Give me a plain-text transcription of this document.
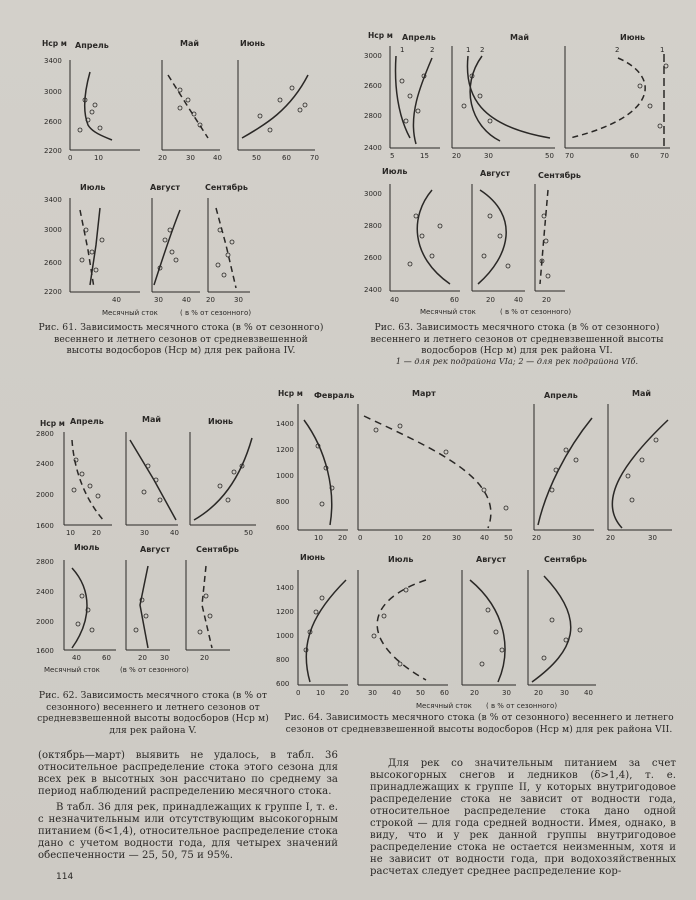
Hср м Апрель	Май	Июнь
3400
3000
2600
2200
0	10	20	30	40	50	60	70
Июль	Август	Сентябрь
3400
3000
2600
2200
40	30	40 20	30
Месячный сток	( в % от сезонного)
Рис. 61. Зависимость месячного стока (в % от сезонного) весеннего и летнего сезонов от средневзвешенной высоты водосборов (Hср м) для рек района IV.
Hср м Апрель	Май	Июнь
3000
2600
2800
2400
5	15	20	30	50 70	60	70
1	2	1 2	2	1
Июль	Август	Сентябрь
3000
2800
2600
2400
40	60	20	40	20
Месячный сток	( в % от сезонного)
Рис. 63. Зависимость месячного стока (в % от сезонного) весеннего и летнего сезонов от средневзвешенной высоты водосборов (Hср м) для рек района VI.
1 — для рек подрайона VIа; 2 — для рек подрайона VIб.
Hср м Апрель	Май	Июнь
2800
2400
2000
1600
10 20	30	40	50
Июль	Август	Сентябрь
2800
2400
2000
1600
40	60	20 30	20
Месячный сток	(в % от сезонного)
Рис. 62. Зависимость месячного стока (в % от сезонного) весеннего и летнего сезонов от средневзвешенной высоты водосборов (Hср м) для рек района V.
Hср м Февраль	Март	Апрель	Май
1400
1200
1000
800
600
10 20 0	10	20	30	40 50	20	30	20	30
Июнь	Июль	Август	Сентябрь
1400
1200
1000
800
600
0 10 20	30 40 50 60	20	30	20 30 40
Месячный сток ( в % от сезонного)
Рис. 64. Зависимость месячного стока (в % от сезонного) весеннего и летнего сезонов от средневзвешенной высоты водосборов (Hср м) для рек района VII.

(октябрь—март) выявить не удалось, в табл. 36 относительное распределение стока этого сезона для всех рек в высотных зон рассчитано по среднему за период наблюдений распределению месячного стока.

В табл. 36 для рек, принадлежащих к группе I, т. е. с незначительным или отсутствующим высокогорным питанием (δ<1,4), относительное распределение стока дано с учетом водности года, для четырех значений обеспеченности — 25, 50, 75 и 95%.

Для рек со значительным питанием за счет высокогорных снегов и ледников (δ>1,4), т. е. принадлежащих к группе II, у которых внутригодовое распределение стока не зависит от водности года, относительное распределение стока дано одной строкой — для года средней водности. Имея, однако, в виду, что и у рек данной группы внутригодовое распределение стока не остается неизменным, хотя и не зависит от водности года, при водохозяйственных расчетах следует среднее распределение кор-

114
